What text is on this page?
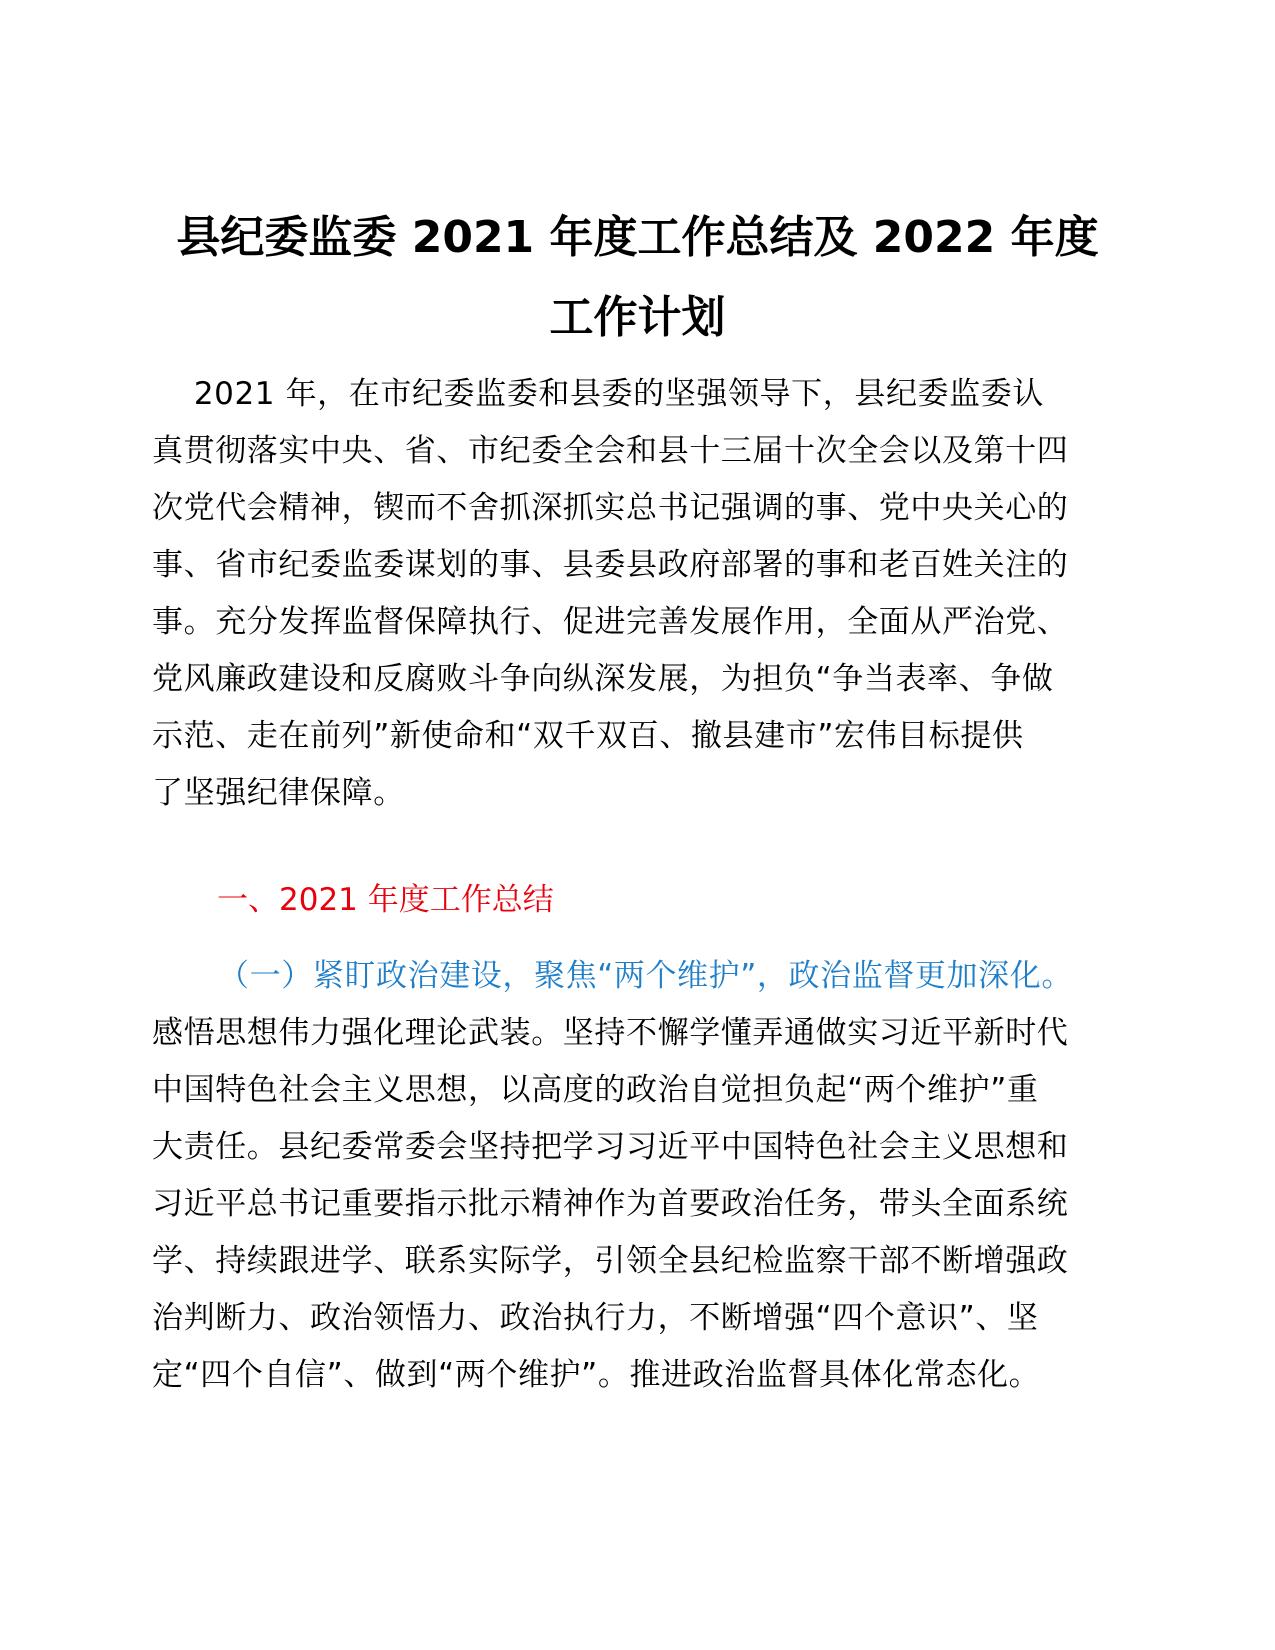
县纪委监委 2021 年度工作总结及 2022 年度
工作计划
2021 年，在市纪委监委和县委的坚强领导下，县纪委监委认
真贯彻落实中央、省、市纪委全会和县十三届十次全会以及第十四
次党代会精神，锲而不舍抓深抓实总书记强调的事、党中央关心的
事、省市纪委监委谋划的事、县委县政府部署的事和老百姓关注的
事。充分发挥监督保障执行、促进完善发展作用，全面从严治党、
党风廉政建设和反腐败斗争向纵深发展，为担负“争当表率、争做
示范、走在前列”新使命和“双千双百、撤县建市”宏伟目标提供
了坚强纪律保障。
一、2021 年度工作总结
（一）紧盯政治建设，聚焦“两个维护”，政治监督更加深化。
感悟思想伟力强化理论武装。坚持不懈学懂弄通做实习近平新时代
中国特色社会主义思想，以高度的政治自觉担负起“两个维护”重
大责任。县纪委常委会坚持把学习习近平中国特色社会主义思想和
习近平总书记重要指示批示精神作为首要政治任务，带头全面系统
学、持续跟进学、联系实际学，引领全县纪检监察干部不断增强政
治判断力、政治领悟力、政治执行力，不断增强“四个意识”、坚
定“四个自信”、做到“两个维护”。推进政治监督具体化常态化。
